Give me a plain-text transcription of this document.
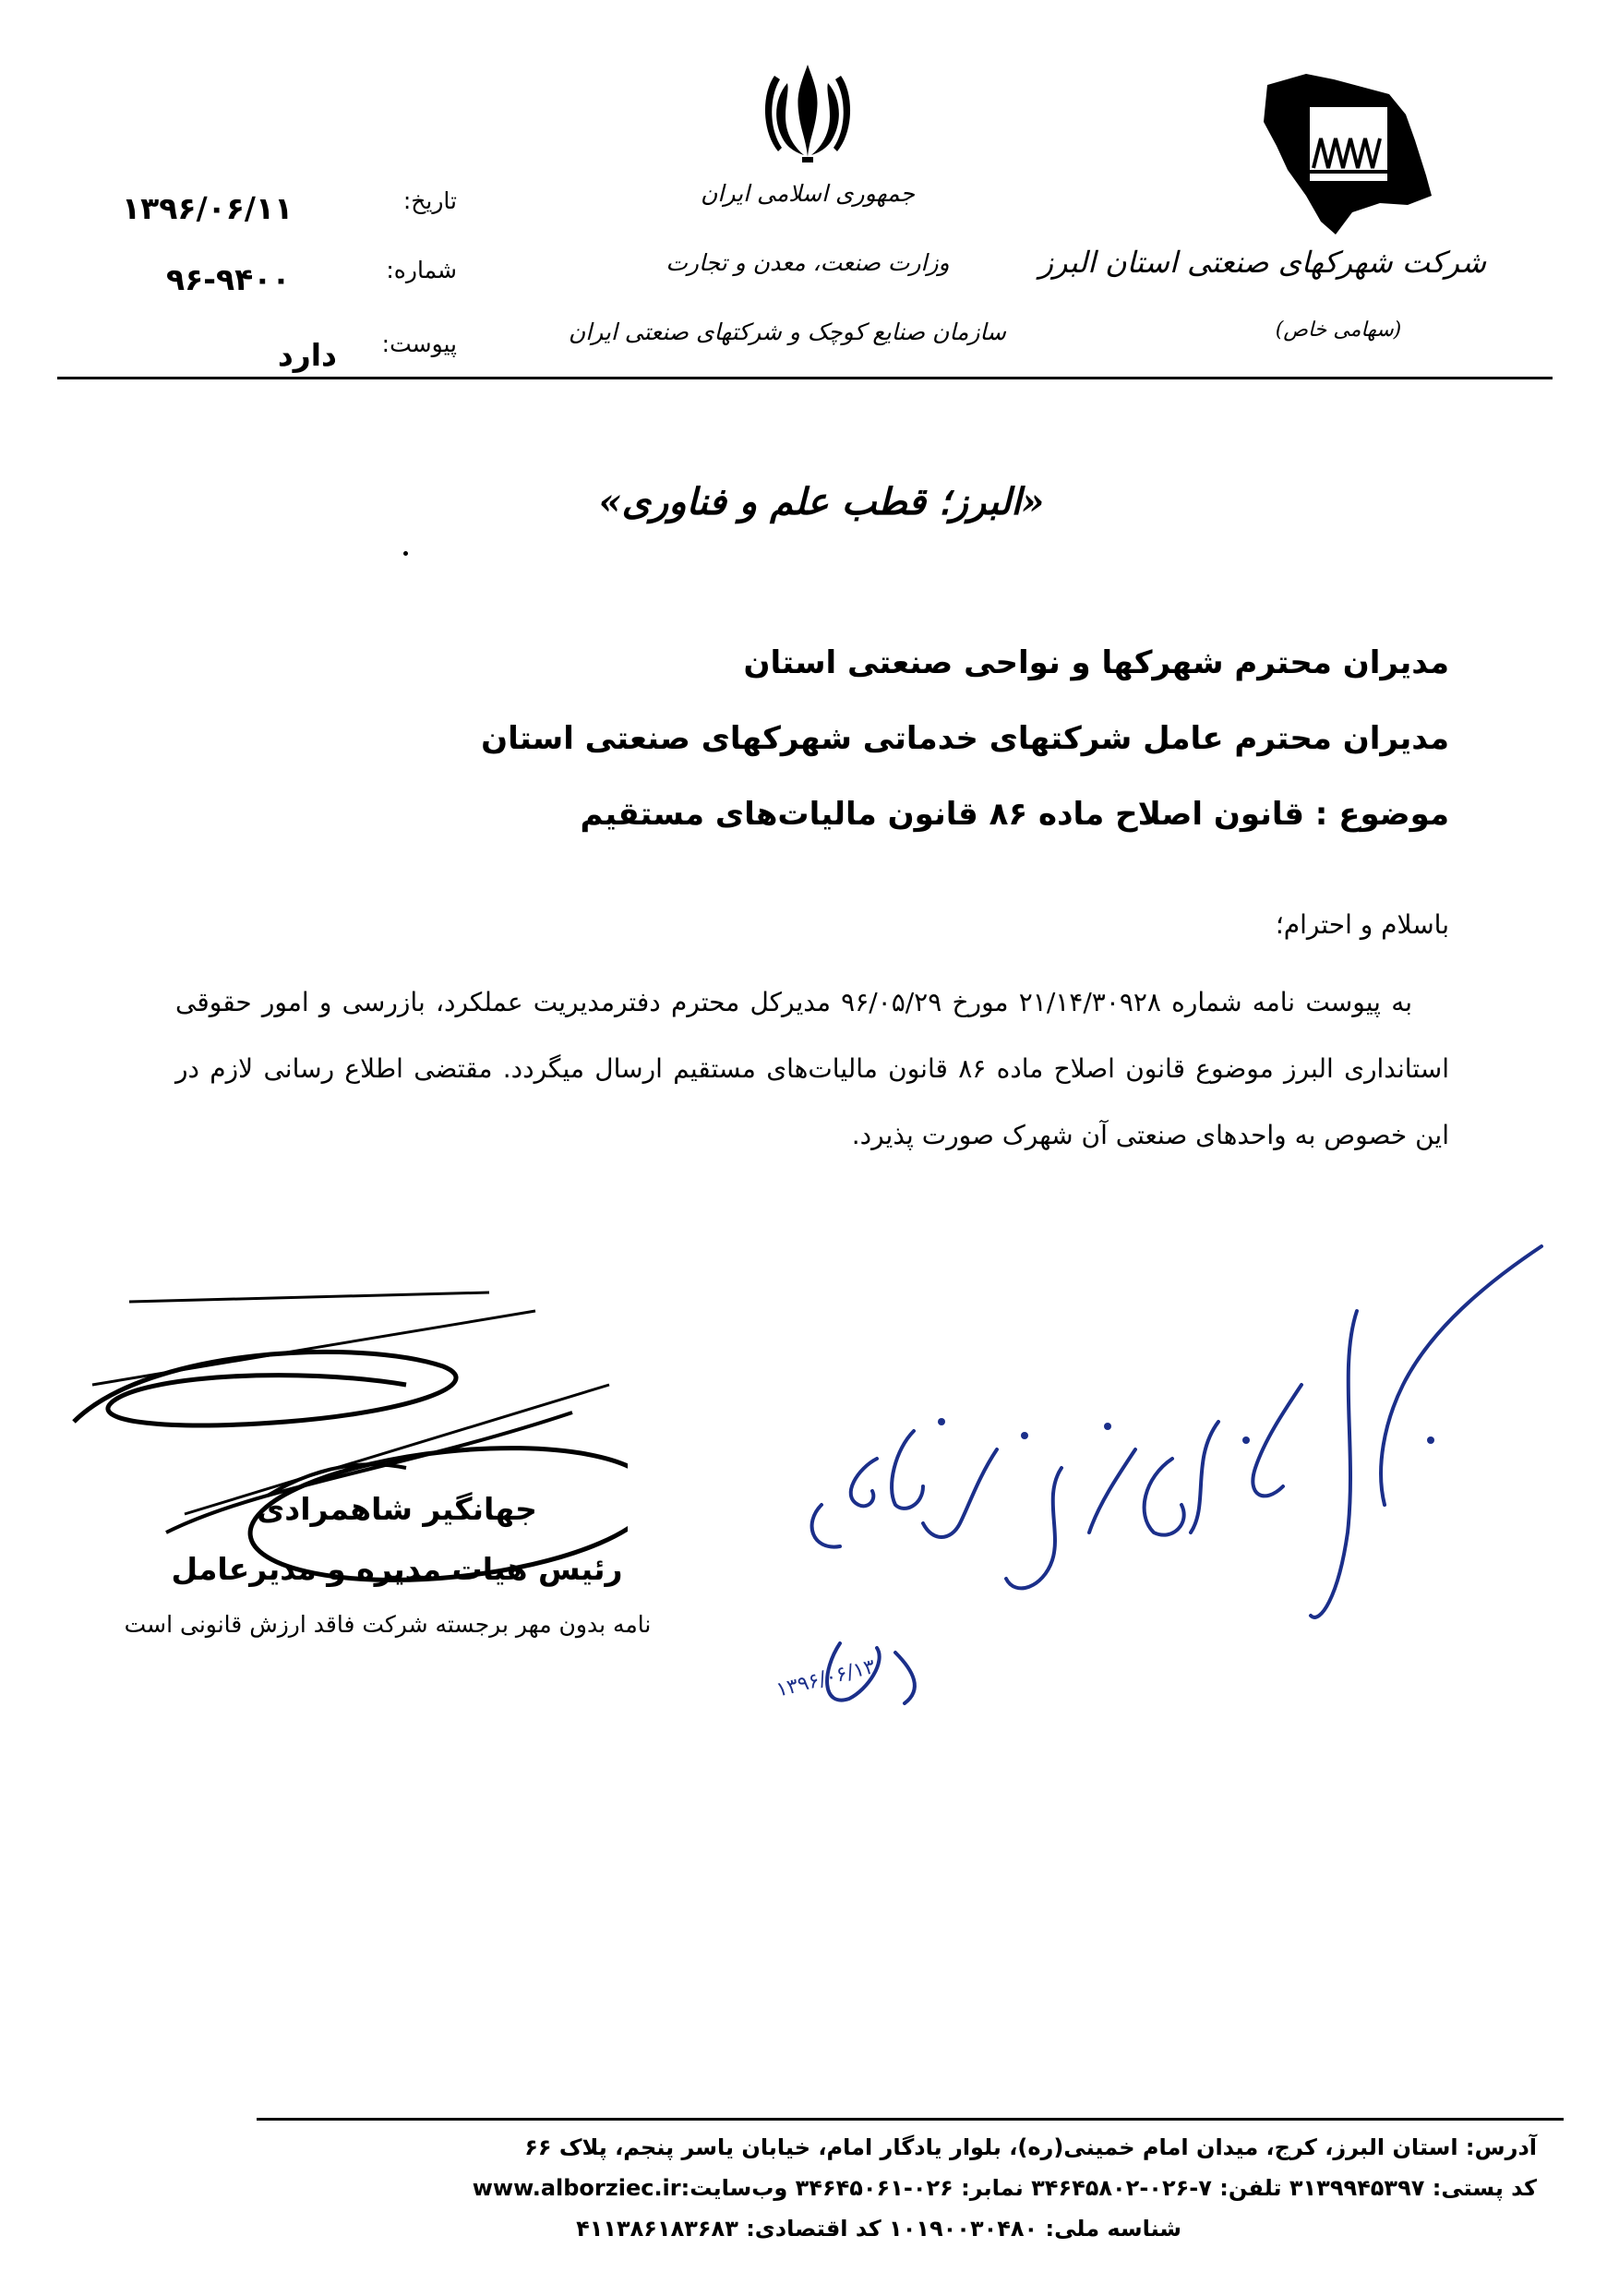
۱۳۹۶/۰۶/۱۱	تاریخ:
۹۶-۹۴۰۰	شماره:
دارد	پیوست:
جمهوری اسلامی ایران
وزارت صنعت، معدن و تجارت
سازمان صنایع کوچک و شرکتهای صنعتی ایران
شرکت شهرکهای صنعتی استان البرز
(سهامی خاص)
«البرز؛ قطب علم و فناوری»
مدیران محترم شهرکها و نواحی صنعتی استان
مدیران محترم عامل شرکتهای خدماتی شهرکهای صنعتی استان
موضوع : قانون اصلاح ماده ۸۶ قانون مالیات‌های مستقیم
باسلام و احترام؛
به پیوست نامه شماره ۲۱/۱۴/۳۰۹۲۸ مورخ ۹۶/۰۵/۲۹ مدیرکل محترم دفترمدیریت عملکرد، بازرسی و امور حقوقی استانداری البرز موضوع قانون اصلاح ماده ۸۶ قانون مالیات‌های مستقیم ارسال میگردد. مقتضی اطلاع رسانی لازم در این خصوص به واحدهای صنعتی آن شهرک صورت پذیرد.
جهانگیر شاهمرادی
رئیس هیات مدیره و مدیرعامل
نامه بدون مهر برجسته شرکت فاقد ارزش قانونی است
۱۳۹۶/۰۶/۱۳
آدرس: استان البرز، کرج، میدان امام خمینی(ره)، بلوار یادگار امام، خیابان یاسر پنجم، پلاک ۶۶
کد پستی: ۳۱۳۹۹۴۵۳۹۷ تلفن: ۷-۰۲۶-۳۴۶۴۵۸۰۲ نمابر: ۰۲۶-۳۴۶۴۵۰۶۱ وب‌سایت:www.alborziec.ir
شناسه ملی: ۱۰۱۹۰۰۳۰۴۸۰ کد اقتصادی: ۴۱۱۳۸۶۱۸۳۶۸۳
